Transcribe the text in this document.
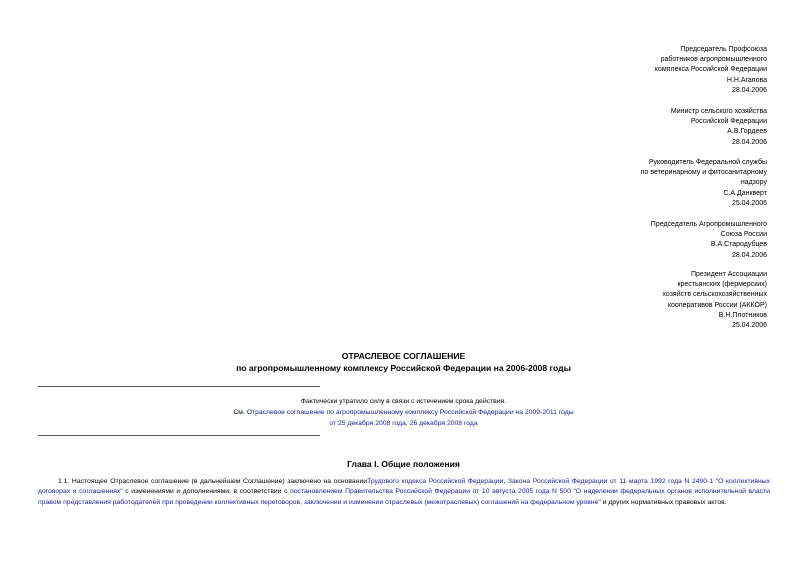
Председатель Профсоюза
работников агропромышленного
комплекса Российской Федерации
Н.Н.Агапова
28.04.2006
Министр сельского хозяйства
Российской Федерации
А.В.Гордеев
28.04.2006
Руководитель Федеральной службы
по ветеринарному и фитосанитарному
надзору
С.А.Данкверт
25.04.2006
Председатель Агропромышленного
Союза России
В.А.Стародубцев
28.04.2006
Президент Ассоциации
крестьянских (фермерских)
хозяйств сельскохозяйственных
кооперативов России (АККОР)
В.Н.Плотников
25.04.2006
ОТРАСЛЕВОЕ СОГЛАШЕНИЕ
по агропромышленному комплексу Российской Федерации на 2006-2008 годы
Фактически утратило силу в связи с истечением срока действия.
См. Отраслевое соглашение по агропромышленному комплексу Российской Федерации на 2009-2011 годы
от 25 декабря 2008 года, 26 декабря 2008 года
Глава I. Общие положения
1.1. Настоящее Отраслевое соглашение (в дальнейшем Соглашение) заключено на основанииТрудового кодекса Российской Федерации, Закона Российской Федерации от 11 марта 1992 года N 2490-1 "О коллективных договорах и соглашениях" с изменениями и дополнениями, в соответствии с постановлением Правительства Российской Федерации от 10 августа 2005 года N 500 "О наделении федеральных органов исполнительной власти правом представления работодателей при проведении коллективных переговоров, заключении и изменении отраслевых (межотраслевых) соглашений на федеральном уровне" и других нормативных правовых актов.
